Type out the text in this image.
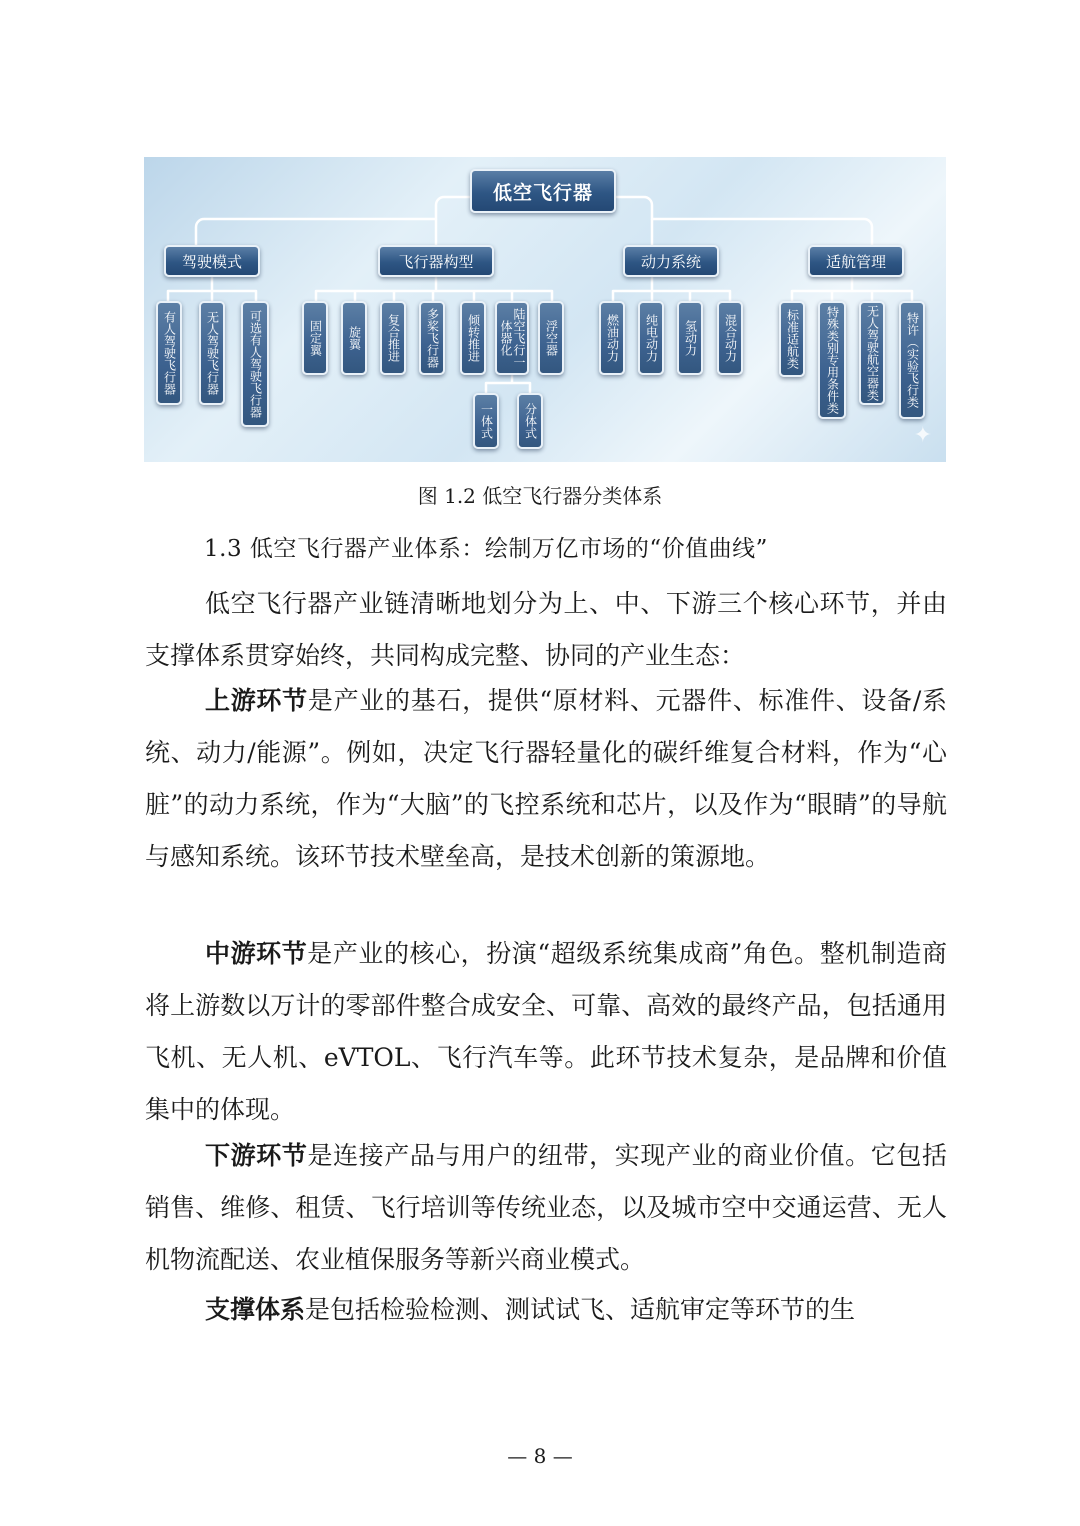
低空飞行器
驾驶模式	飞行器构型	动力系统	适航管理
有人驾驶飞行器	无人驾驶飞行器	可选有人驾驶飞行器	固定翼	旋翼	复合推进	多桨飞行器	倾转推进	陆空飞行一体器化	浮空器
一体式	分体式
燃油动力	纯电动力	氢动力	混合动力	标准适航类	特殊类别专用条件类	无人驾驶航空器类	特许（实验飞行类
✦
图 1.2 低空飞行器分类体系
1.3 低空飞行器产业体系：绘制万亿市场的“价值曲线”

低空飞行器产业链清晰地划分为上、中、下游三个核心环节，并由支撑体系贯穿始终，共同构成完整、协同的产业生态：

上游环节是产业的基石，提供“原材料、元器件、标准件、设备/系统、动力/能源”。例如，决定飞行器轻量化的碳纤维复合材料，作为“心脏”的动力系统，作为“大脑”的飞控系统和芯片，以及作为“眼睛”的导航与感知系统。该环节技术壁垒高，是技术创新的策源地。

中游环节是产业的核心，扮演“超级系统集成商”角色。整机制造商将上游数以万计的零部件整合成安全、可靠、高效的最终产品，包括通用飞机、无人机、eVTOL、飞行汽车等。此环节技术复杂，是品牌和价值集中的体现。

下游环节是连接产品与用户的纽带，实现产业的商业价值。它包括销售、维修、租赁、飞行培训等传统业态，以及城市空中交通运营、无人机物流配送、农业植保服务等新兴商业模式。

支撑体系是包括检验检测、测试试飞、适航审定等环节的生

— 8 —
